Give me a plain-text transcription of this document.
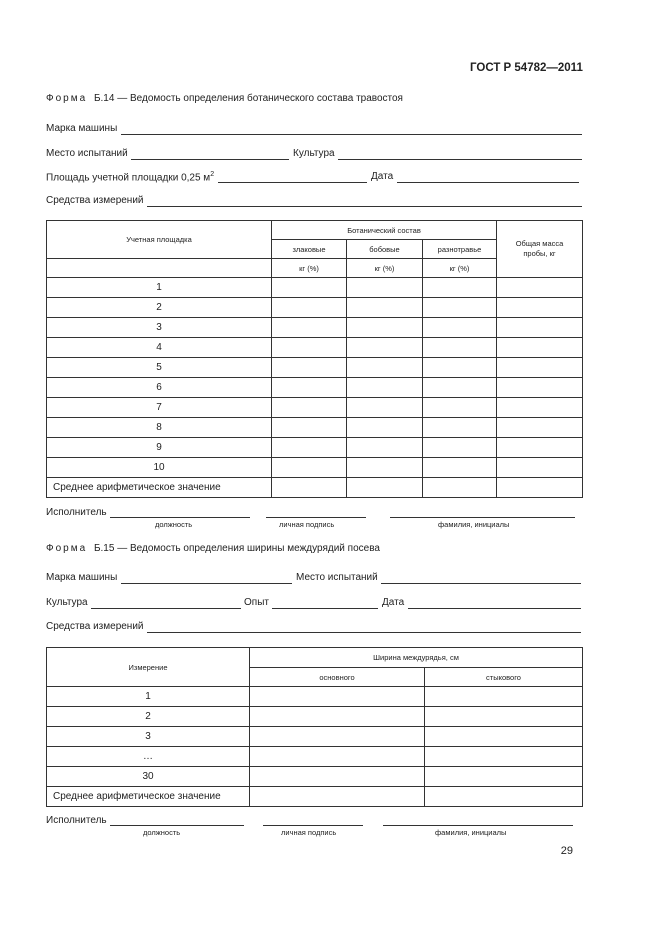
ГОСТ Р 54782—2011
Форма Б.14 — Ведомость определения ботанического состава травостоя
Марка машины
Место испытаний	Культура
Площадь учетной площадки 0,25 $м^2$	Дата
Средства измерений
Учетная площадка	Ботанический состав			Общая масса пробы, кг
	злаковые	бобовые	разнотравье	
	кг (%)	кг (%)	кг (%)	
1				
2				
3				
4				
5				
6				
7				
8				
9				
10				
Среднее арифметическое значение				
Исполнитель
должность	личная подпись	фамилия, инициалы
Форма Б.15 — Ведомость определения ширины междурядий посева
Марка машины	Место испытаний
Культура	Опыт	Дата
Средства измерений
Измерение	Ширина междурядья, см	
	основного	стыкового
1		
2		
3		
…		
30		
Среднее арифметическое значение		
Исполнитель
должность	личная подпись	фамилия, инициалы
29
